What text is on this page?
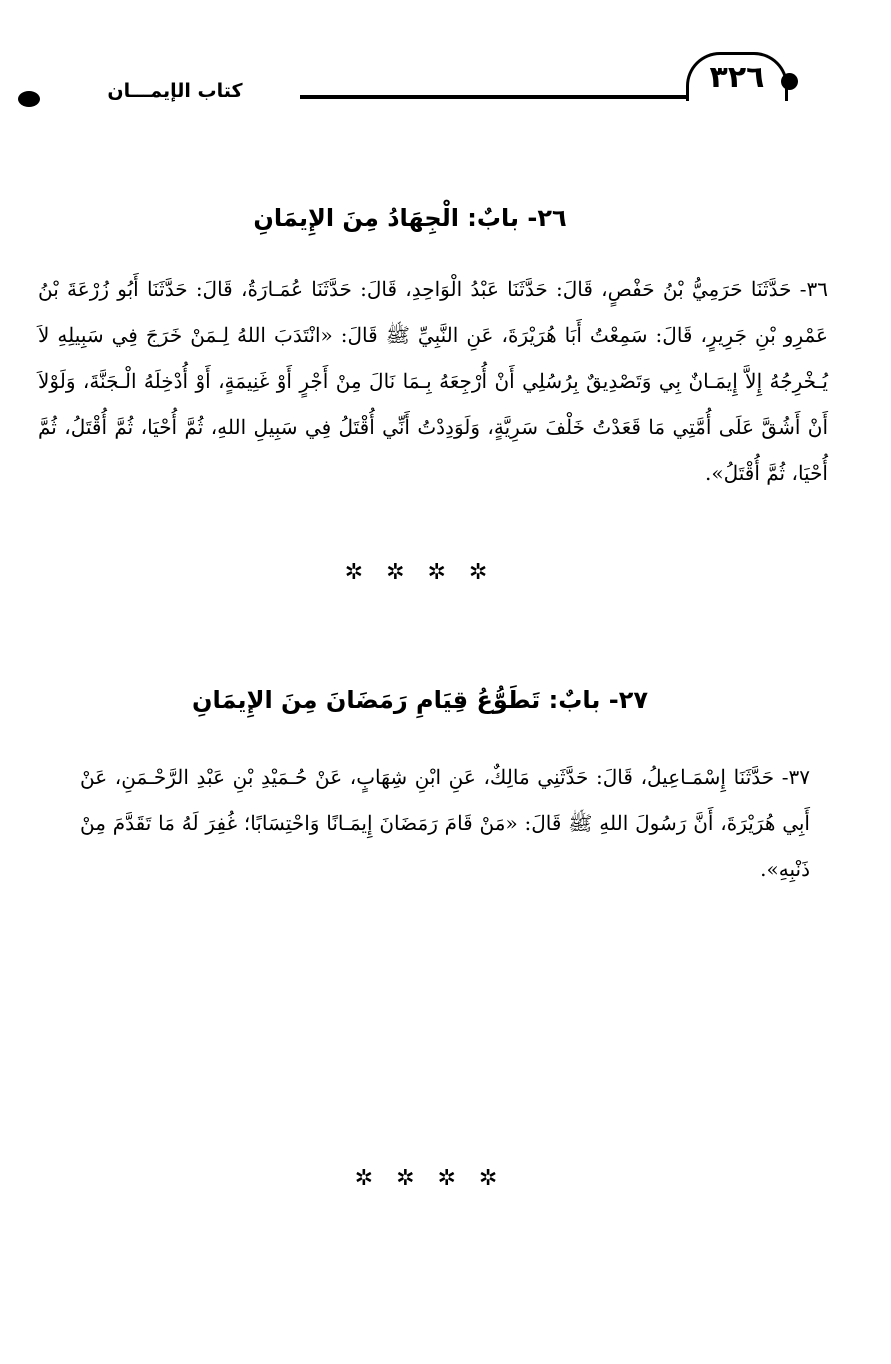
كتاب الإيمـــان	٣٢٦
٢٦- بابٌ: الْجِهَادُ مِنَ الإِيمَانِ
٣٦- حَدَّثَنَا حَرَمِيُّ بْنُ حَفْصٍ، قَالَ: حَدَّثَنَا عَبْدُ الْوَاحِدِ، قَالَ: حَدَّثَنَا عُمَـارَةُ، قَالَ: حَدَّثَنَا أَبُو زُرْعَةَ بْنُ عَمْرِو بْنِ جَرِيرٍ، قَالَ: سَمِعْتُ أَبَا هُرَيْرَةَ، عَنِ النَّبِيِّ ﷺ قَالَ: «انْتَدَبَ اللهُ لِـمَنْ خَرَجَ فِي سَبِيلِهِ لاَ يُـخْرِجُهُ إِلاَّ إِيمَـانٌ بِي وَتَصْدِيقٌ بِرُسُلِي أَنْ أُرْجِعَهُ بِـمَا نَالَ مِنْ أَجْرٍ أَوْ غَنِيمَةٍ، أَوْ أُدْخِلَهُ الْـجَنَّةَ، وَلَوْلاَ أَنْ أَشُقَّ عَلَى أُمَّتِي مَا قَعَدْتُ خَلْفَ سَرِيَّةٍ، وَلَوَدِدْتُ أَنِّي أُقْتَلُ فِي سَبِيلِ اللهِ، ثُمَّ أُحْيَا، ثُمَّ أُقْتَلُ، ثُمَّ أُحْيَا، ثُمَّ أُقْتَلُ».
✲ ✲ ✲ ✲
٢٧- بابٌ: تَطَوُّعُ قِيَامِ رَمَضَانَ مِنَ الإِيمَانِ
٣٧- حَدَّثَنَا إِسْمَـاعِيلُ، قَالَ: حَدَّثَنِي مَالِكٌ، عَنِ ابْنِ شِهَابٍ، عَنْ حُـمَيْدِ بْنِ عَبْدِ الرَّحْـمَنِ، عَنْ أَبِي هُرَيْرَةَ، أَنَّ رَسُولَ اللهِ ﷺ قَالَ: «مَنْ قَامَ رَمَضَانَ إِيمَـانًا وَاحْتِسَابًا؛ غُفِرَ لَهُ مَا تَقَدَّمَ مِنْ ذَنْبِهِ».
✲ ✲ ✲ ✲
